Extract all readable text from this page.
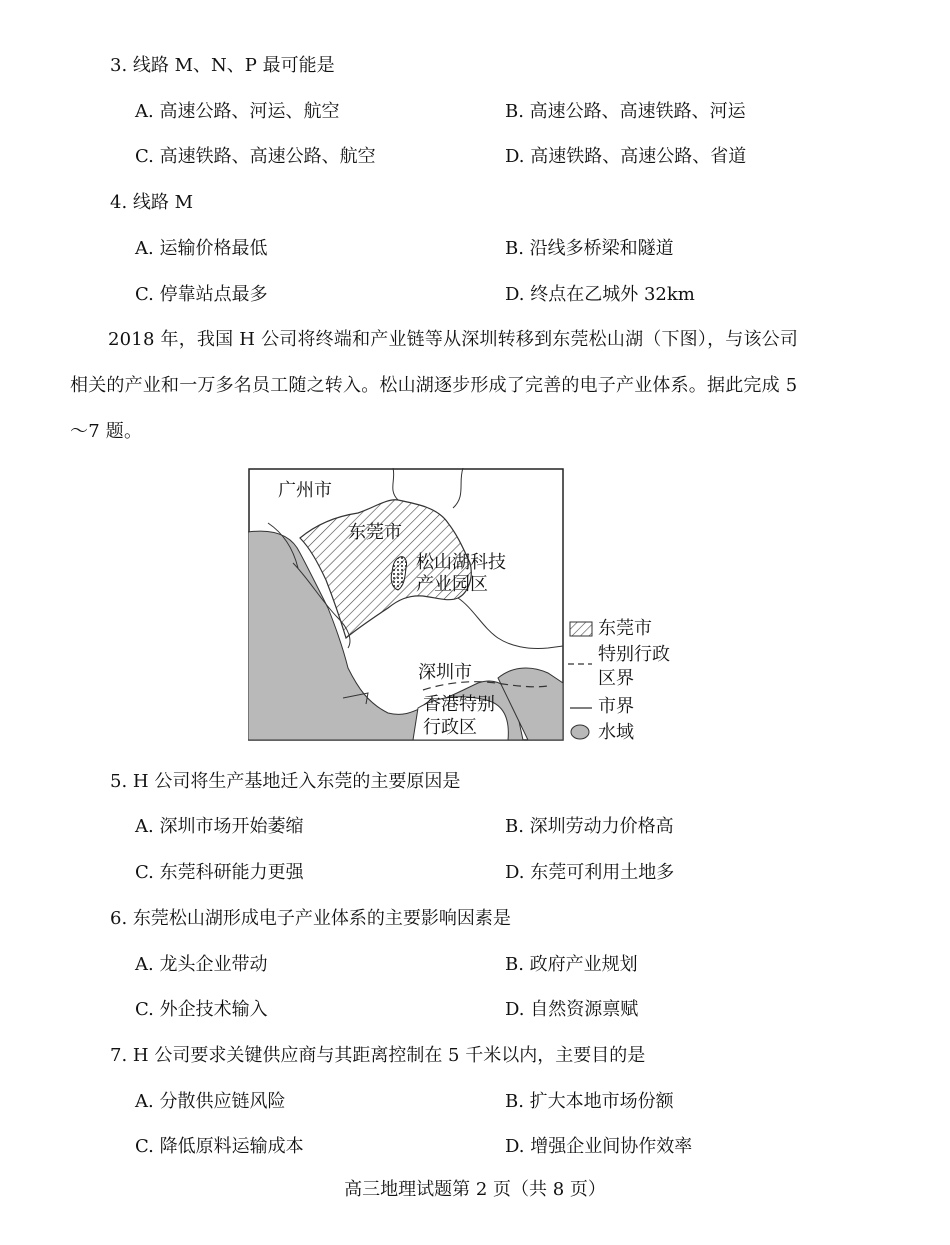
3. 线路 M、N、P 最可能是
A. 高速公路、河运、航空	B. 高速公路、高速铁路、河运
C. 高速铁路、高速公路、航空	D. 高速铁路、高速公路、省道
4. 线路 M
A. 运输价格最低	B. 沿线多桥梁和隧道
C. 停靠站点最多	D. 终点在乙城外 32km
2018 年，我国 H 公司将终端和产业链等从深圳转移到东莞松山湖（下图），与该公司
相关的产业和一万多名员工随之转入。松山湖逐步形成了完善的电子产业体系。据此完成 5
～7 题。
广州市
东莞市
松山湖科技
产业园区
深圳市
香港特别
行政区
东莞市
特别行政
区界
市界
水域
5. H 公司将生产基地迁入东莞的主要原因是
A. 深圳市场开始萎缩	B. 深圳劳动力价格高
C. 东莞科研能力更强	D. 东莞可利用土地多
6. 东莞松山湖形成电子产业体系的主要影响因素是
A. 龙头企业带动	B. 政府产业规划
C. 外企技术输入	D. 自然资源禀赋
7. H 公司要求关键供应商与其距离控制在 5 千米以内，主要目的是
A. 分散供应链风险	B. 扩大本地市场份额
C. 降低原料运输成本	D. 增强企业间协作效率
高三地理试题第 2 页（共 8 页）
